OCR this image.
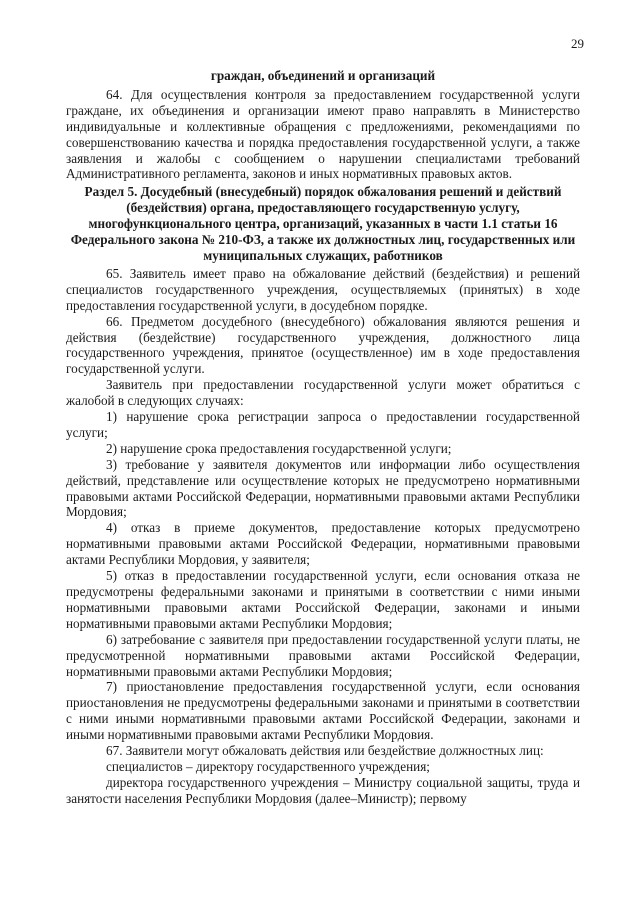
29

граждан, объединений и организаций

64. Для осуществления контроля за предоставлением государственной услуги граждане, их объединения и организации имеют право направлять в Министерство индивидуальные и коллективные обращения с предложениями, рекомендациями по совершенствованию качества и порядка предоставления государственной услуги, а также заявления и жалобы с сообщением о нарушении специалистами требований Административного регламента, законов и иных нормативных правовых актов.

Раздел 5. Досудебный (внесудебный) порядок обжалования решений и действий (бездействия) органа, предоставляющего государственную услугу, многофункционального центра, организаций, указанных в части 1.1 статьи 16 Федерального закона № 210-ФЗ, а также их должностных лиц, государственных или муниципальных служащих, работников

65. Заявитель имеет право на обжалование действий (бездействия) и решений специалистов государственного учреждения, осуществляемых (принятых) в ходе предоставления государственной услуги, в досудебном порядке.

66. Предметом досудебного (внесудебного) обжалования являются решения и действия (бездействие) государственного учреждения, должностного лица государственного учреждения, принятое (осуществленное) им в ходе предоставления государственной услуги.

Заявитель при предоставлении государственной услуги может обратиться с жалобой в следующих случаях:

1) нарушение срока регистрации запроса о предоставлении государственной услуги;

2) нарушение срока предоставления государственной услуги;

3) требование у заявителя документов или информации либо осуществления действий, представление или осуществление которых не предусмотрено нормативными правовыми актами Российской Федерации, нормативными правовыми актами Республики Мордовия;

4) отказ в приеме документов, предоставление которых предусмотрено нормативными правовыми актами Российской Федерации, нормативными правовыми актами Республики Мордовия, у заявителя;

5) отказ в предоставлении государственной услуги, если основания отказа не предусмотрены федеральными законами и принятыми в соответствии с ними иными нормативными правовыми актами Российской Федерации, законами и иными нормативными правовыми актами Республики Мордовия;

6) затребование с заявителя при предоставлении государственной услуги платы, не предусмотренной нормативными правовыми актами Российской Федерации, нормативными правовыми актами Республики Мордовия;

7) приостановление предоставления государственной услуги, если основания приостановления не предусмотрены федеральными законами и принятыми в соответствии с ними иными нормативными правовыми актами Российской Федерации, законами и иными нормативными правовыми актами Республики Мордовия.

67. Заявители могут обжаловать действия или бездействие должностных лиц:

специалистов – директору государственного учреждения;

директора государственного учреждения – Министру социальной защиты, труда и занятости населения Республики Мордовия (далее–Министр); первому
